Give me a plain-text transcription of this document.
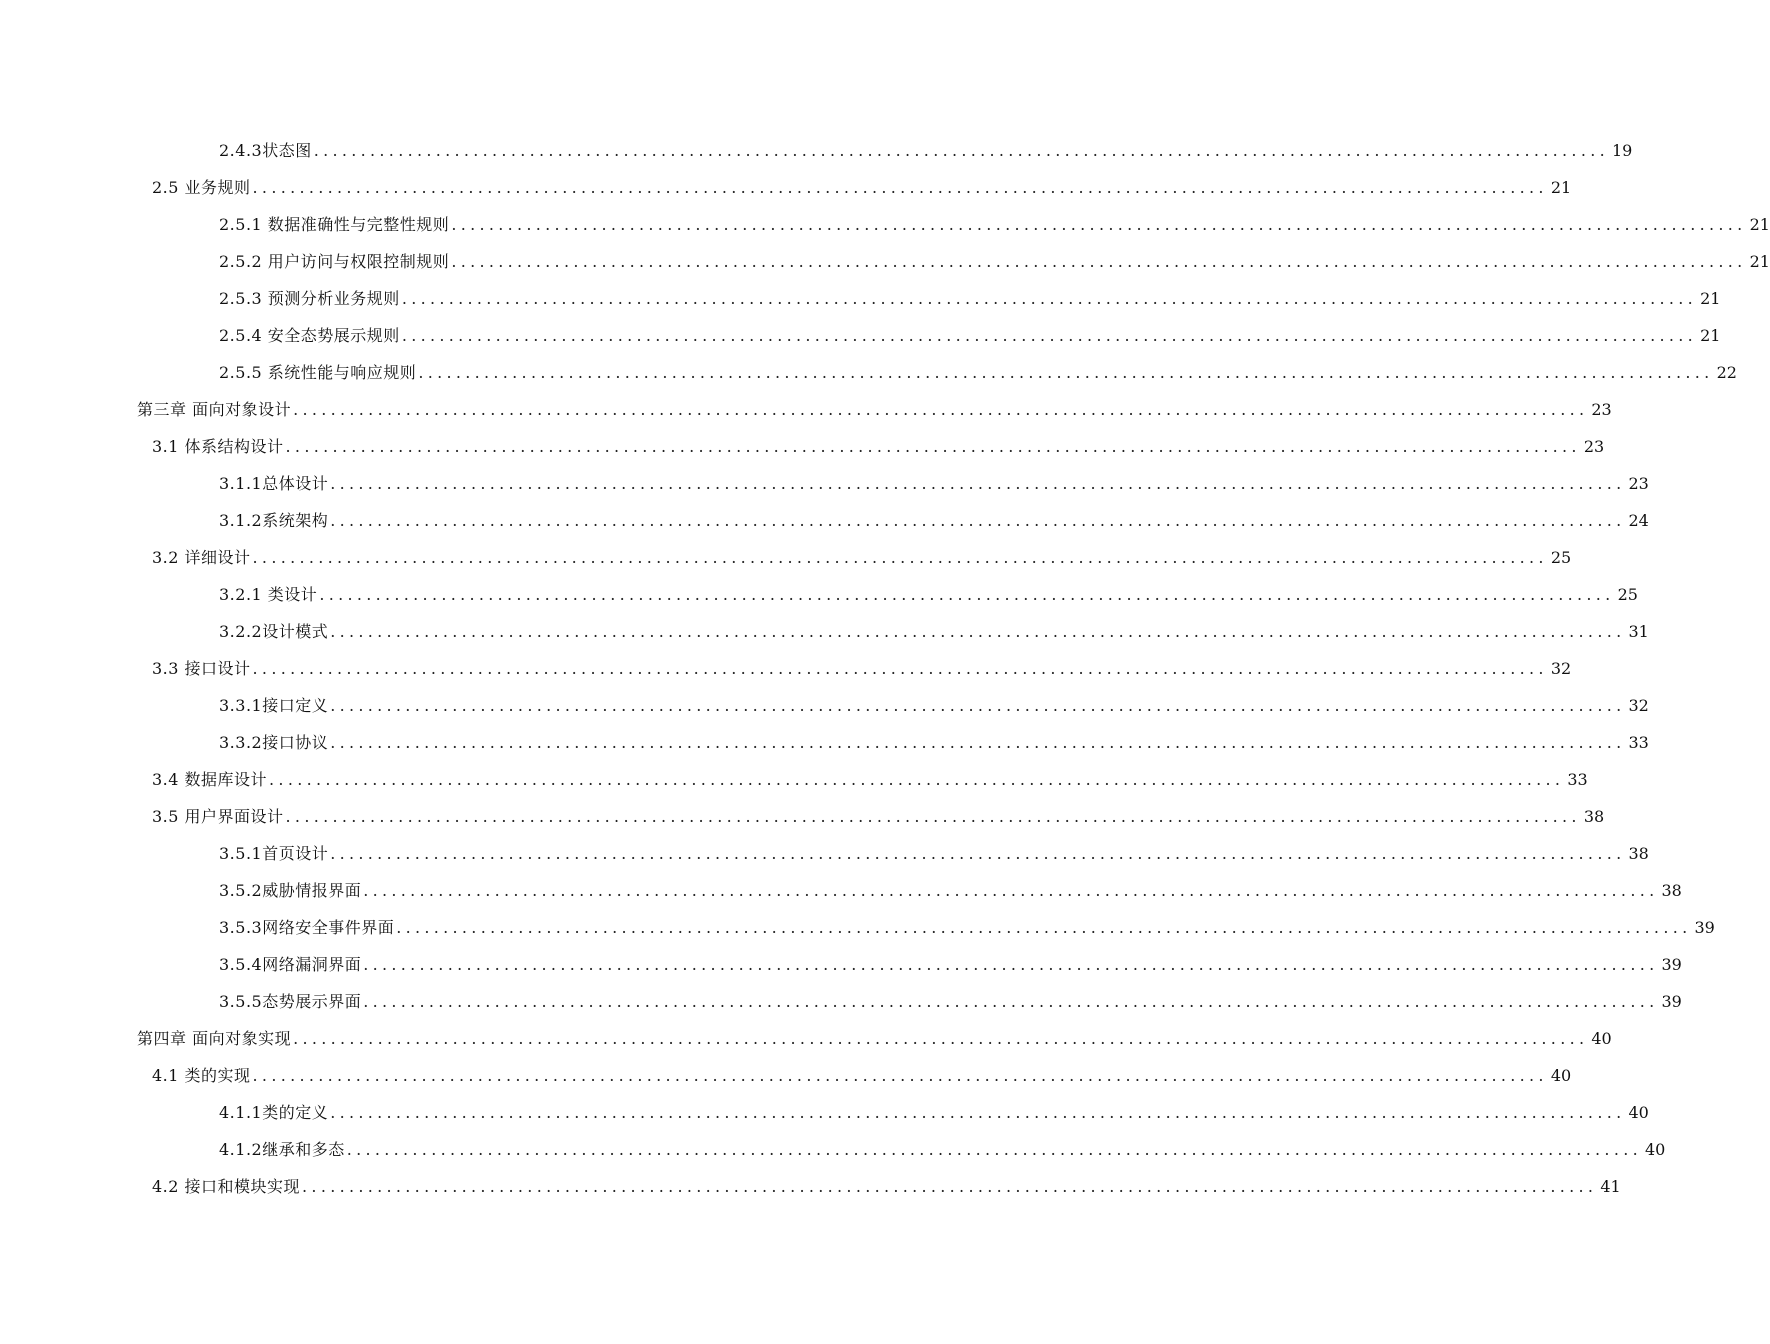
2.4.3状态图 .......................................................................................................................................... 19
2.5 业务规则 .......................................................................................................................................... 21
2.5.1 数据准确性与完整性规则 .......................................................................................................................................... 21
2.5.2 用户访问与权限控制规则 .......................................................................................................................................... 21
2.5.3 预测分析业务规则 .......................................................................................................................................... 21
2.5.4 安全态势展示规则 .......................................................................................................................................... 21
2.5.5 系统性能与响应规则 .......................................................................................................................................... 22
第三章 面向对象设计 .......................................................................................................................................... 23
3.1 体系结构设计 .......................................................................................................................................... 23
3.1.1总体设计 .......................................................................................................................................... 23
3.1.2系统架构 .......................................................................................................................................... 24
3.2 详细设计 .......................................................................................................................................... 25
3.2.1 类设计 .......................................................................................................................................... 25
3.2.2设计模式 .......................................................................................................................................... 31
3.3 接口设计 .......................................................................................................................................... 32
3.3.1接口定义 .......................................................................................................................................... 32
3.3.2接口协议 .......................................................................................................................................... 33
3.4 数据库设计 .......................................................................................................................................... 33
3.5 用户界面设计 .......................................................................................................................................... 38
3.5.1首页设计 .......................................................................................................................................... 38
3.5.2威胁情报界面 .......................................................................................................................................... 38
3.5.3网络安全事件界面 .......................................................................................................................................... 39
3.5.4网络漏洞界面 .......................................................................................................................................... 39
3.5.5态势展示界面 .......................................................................................................................................... 39
第四章 面向对象实现 .......................................................................................................................................... 40
4.1 类的实现 .......................................................................................................................................... 40
4.1.1类的定义 .......................................................................................................................................... 40
4.1.2继承和多态 .......................................................................................................................................... 40
4.2 接口和模块实现 .......................................................................................................................................... 41
